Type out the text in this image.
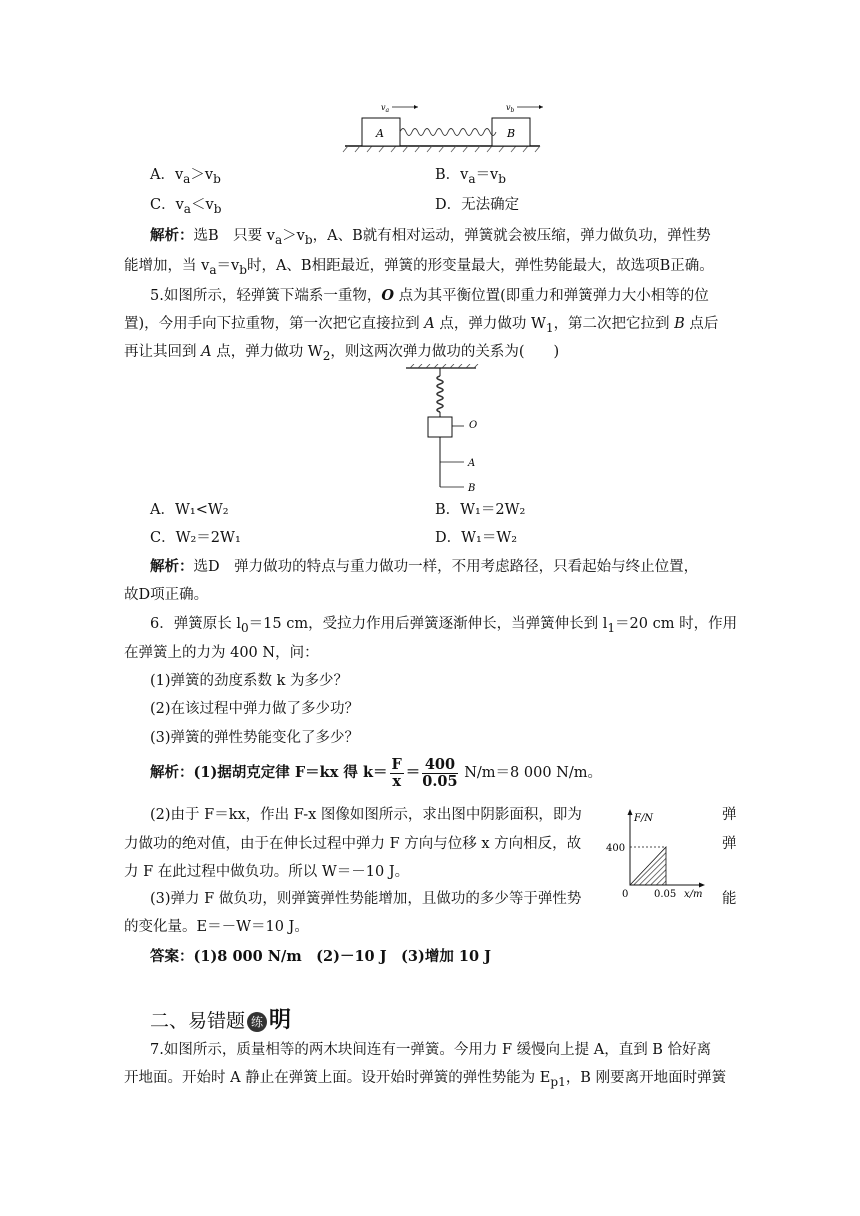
A	B
$v_a$	$v_b$
A．$v_a>v_b$	B．$v_a=v_b$
C．$v_a<v_b$	D．无法确定
解析：选B　只要 $v_a>v_b$，A、B就有相对运动，弹簧就会被压缩，弹力做负功，弹性势
能增加，当 $v_a=v_b$时，A、B相距最近，弹簧的形变量最大，弹性势能最大，故选项B正确。
5.如图所示，轻弹簧下端系一重物，O 点为其平衡位置(即重力和弹簧弹力大小相等的位
置)，今用手向下拉重物，第一次把它直接拉到 A 点，弹力做功 $W_1$，第二次把它拉到 B 点后
再让其回到 A 点，弹力做功 $W_2$，则这两次弹力做功的关系为(　　)
O
A
B
A．W₁<W₂	B．W₁＝2W₂
C．W₂＝2W₁	D．W₁＝W₂
解析：选D　弹力做功的特点与重力做功一样，不用考虑路径，只看起始与终止位置，
故D项正确。
6．弹簧原长 $l_0=15$ cm，受拉力作用后弹簧逐渐伸长，当弹簧伸长到 $l_1=20$ cm 时，作用
在弹簧上的力为 400 N，问：
(1)弹簧的劲度系数 k 为多少？
(2)在该过程中弹力做了多少功？
(3)弹簧的弹性势能变化了多少？
解析：(1)据胡克定律 F＝kx 得 $k= \frac{F}{x} = \frac{400}{0.05} N/m=8$ 000 N/m。
(2)由于 F＝kx，作出 F-x 图像如图所示，求出图中阴影面积，即为
力做功的绝对值，由于在伸长过程中弹力 F 方向与位移 x 方向相反，故
力 F 在此过程中做负功。所以 W＝－10 J。
(3)弹力 F 做负功，则弹簧弹性势能增加，且做功的多少等于弹性势
的变化量。E＝－W＝10 J。
弹
弹
能
F/N
400
0.05
0	x/m
答案：(1)8 000 N/m　(2)－10 J　(3)增加 10 J
二、易错题 练 明
7.如图所示，质量相等的两木块间连有一弹簧。今用力 F 缓慢向上提 A，直到 B 恰好离
开地面。开始时 A 静止在弹簧上面。设开始时弹簧的弹性势能为 $E_{p1}$，B 刚要离开地面时弹簧
